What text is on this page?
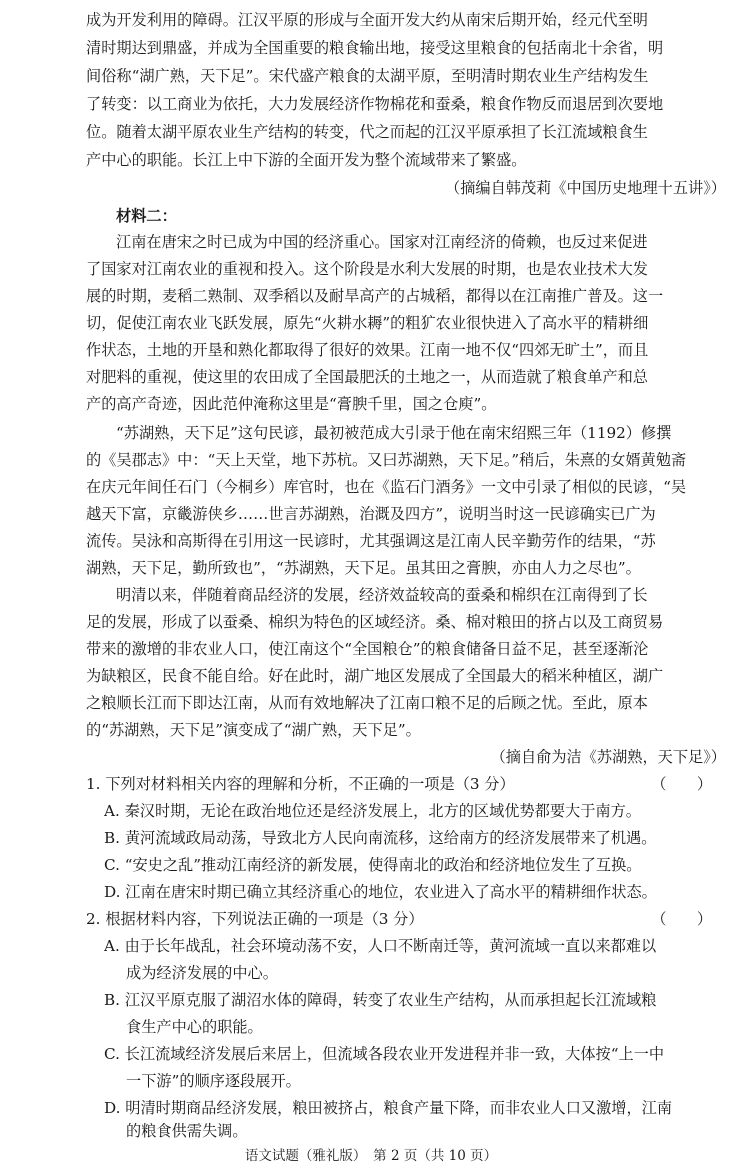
成为开发利用的障碍。江汉平原的形成与全面开发大约从南宋后期开始，经元代至明
清时期达到鼎盛，并成为全国重要的粮食输出地，接受这里粮食的包括南北十余省，明
间俗称“湖广熟，天下足”。宋代盛产粮食的太湖平原，至明清时期农业生产结构发生
了转变：以工商业为依托，大力发展经济作物棉花和蚕桑，粮食作物反而退居到次要地
位。随着太湖平原农业生产结构的转变，代之而起的江汉平原承担了长江流域粮食生
产中心的职能。长江上中下游的全面开发为整个流域带来了繁盛。
（摘编自韩茂莉《中国历史地理十五讲》）
材料二：
江南在唐宋之时已成为中国的经济重心。国家对江南经济的倚赖，也反过来促进
了国家对江南农业的重视和投入。这个阶段是水利大发展的时期，也是农业技术大发
展的时期，麦稻二熟制、双季稻以及耐旱高产的占城稻，都得以在江南推广普及。这一
切，促使江南农业飞跃发展，原先“火耕水耨”的粗犷农业很快进入了高水平的精耕细
作状态，土地的开垦和熟化都取得了很好的效果。江南一地不仅“四郊无旷土”，而且
对肥料的重视，使这里的农田成了全国最肥沃的土地之一，从而造就了粮食单产和总
产的高产奇迹，因此范仲淹称这里是“膏腴千里，国之仓庾”。
“苏湖熟，天下足”这句民谚，最初被范成大引录于他在南宋绍熙三年（1192）修撰
的《吴郡志》中：“天上天堂，地下苏杭。又曰苏湖熟，天下足。”稍后，朱熹的女婿黄勉斋
在庆元年间任石门（今桐乡）库官时，也在《监石门酒务》一文中引录了相似的民谚，“吴
越天下富，京畿游侠乡……世言苏湖熟，治溉及四方”，说明当时这一民谚确实已广为
流传。吴泳和高斯得在引用这一民谚时，尤其强调这是江南人民辛勤劳作的结果，“苏
湖熟，天下足，勤所致也”，“苏湖熟，天下足。虽其田之膏腴，亦由人力之尽也”。
明清以来，伴随着商品经济的发展，经济效益较高的蚕桑和棉织在江南得到了长
足的发展，形成了以蚕桑、棉织为特色的区域经济。桑、棉对粮田的挤占以及工商贸易
带来的激增的非农业人口，使江南这个“全国粮仓”的粮食储备日益不足，甚至逐渐沦
为缺粮区，民食不能自给。好在此时，湖广地区发展成了全国最大的稻米种植区，湖广
之粮顺长江而下即达江南，从而有效地解决了江南口粮不足的后顾之忧。至此，原本
的“苏湖熟，天下足”演变成了“湖广熟，天下足”。
（摘自俞为洁《苏湖熟，天下足》）
1. 下列对材料相关内容的理解和分析，不正确的一项是（3 分）	（　　）
A. 秦汉时期，无论在政治地位还是经济发展上，北方的区域优势都要大于南方。
B. 黄河流域政局动荡，导致北方人民向南流移，这给南方的经济发展带来了机遇。
C. “安史之乱”推动江南经济的新发展，使得南北的政治和经济地位发生了互换。
D. 江南在唐宋时期已确立其经济重心的地位，农业进入了高水平的精耕细作状态。
2. 根据材料内容，下列说法正确的一项是（3 分）	（　　）
A. 由于长年战乱，社会环境动荡不安，人口不断南迁等，黄河流域一直以来都难以
成为经济发展的中心。
B. 江汉平原克服了湖沼水体的障碍，转变了农业生产结构，从而承担起长江流域粮
食生产中心的职能。
C. 长江流域经济发展后来居上，但流域各段农业开发进程并非一致，大体按“上一中
一下游”的顺序逐段展开。
D. 明清时期商品经济发展，粮田被挤占，粮食产量下降，而非农业人口又激增，江南
的粮食供需失调。
语文试题（雅礼版）　第 2 页（共 10 页）
